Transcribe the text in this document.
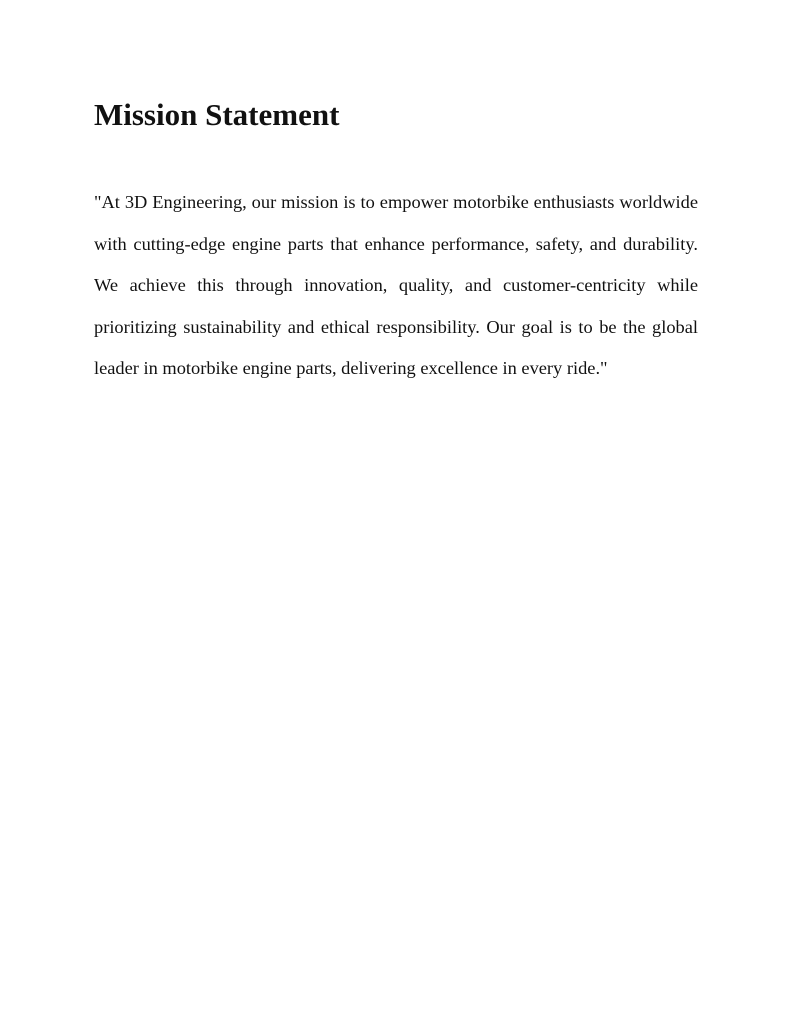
Mission Statement

"At 3D Engineering, our mission is to empower motorbike enthusiasts worldwide with cutting-edge engine parts that enhance performance, safety, and durability. We achieve this through innovation, quality, and customer-centricity while prioritizing sustainability and ethical responsibility. Our goal is to be the global leader in motorbike engine parts, delivering excellence in every ride."
